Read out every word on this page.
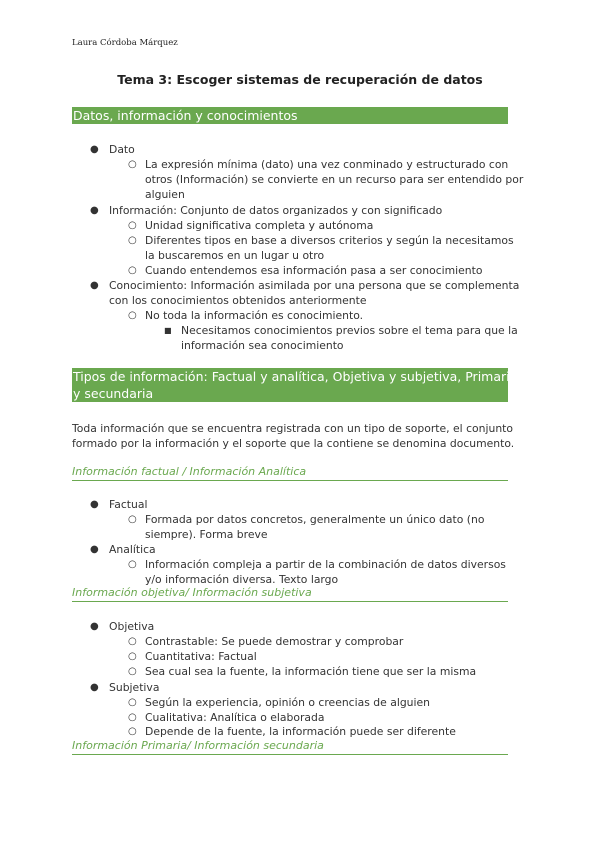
Laura Córdoba Márquez
Tema 3: Escoger sistemas de recuperación de datos
Datos, información y conocimientos
● Dato
○ La expresión mínima (dato) una vez conminado y estructurado con
otros (Información) se convierte en un recurso para ser entendido por
alguien
● Información: Conjunto de datos organizados y con significado
○ Unidad significativa completa y autónoma
○ Diferentes tipos en base a diversos criterios y según la necesitamos
la buscaremos en un lugar u otro
○ Cuando entendemos esa información pasa a ser conocimiento
● Conocimiento: Información asimilada por una persona que se complementa
con los conocimientos obtenidos anteriormente
○ No toda la información es conocimiento.
■ Necesitamos conocimientos previos sobre el tema para que la
información sea conocimiento
Tipos de información: Factual y analítica, Objetiva y subjetiva, Primaria
y secundaria
Toda información que se encuentra registrada con un tipo de soporte, el conjunto
formado por la información y el soporte que la contiene se denomina documento.
Información factual / Información Analítica
● Factual
○ Formada por datos concretos, generalmente un único dato (no
siempre). Forma breve
● Analítica
○ Información compleja a partir de la combinación de datos diversos
y/o información diversa. Texto largo
Información objetiva/ Información subjetiva
● Objetiva
○ Contrastable: Se puede demostrar y comprobar
○ Cuantitativa: Factual
○ Sea cual sea la fuente, la información tiene que ser la misma
● Subjetiva
○ Según la experiencia, opinión o creencias de alguien
○ Cualitativa: Analítica o elaborada
○ Depende de la fuente, la información puede ser diferente
Información Primaria/ Información secundaria
